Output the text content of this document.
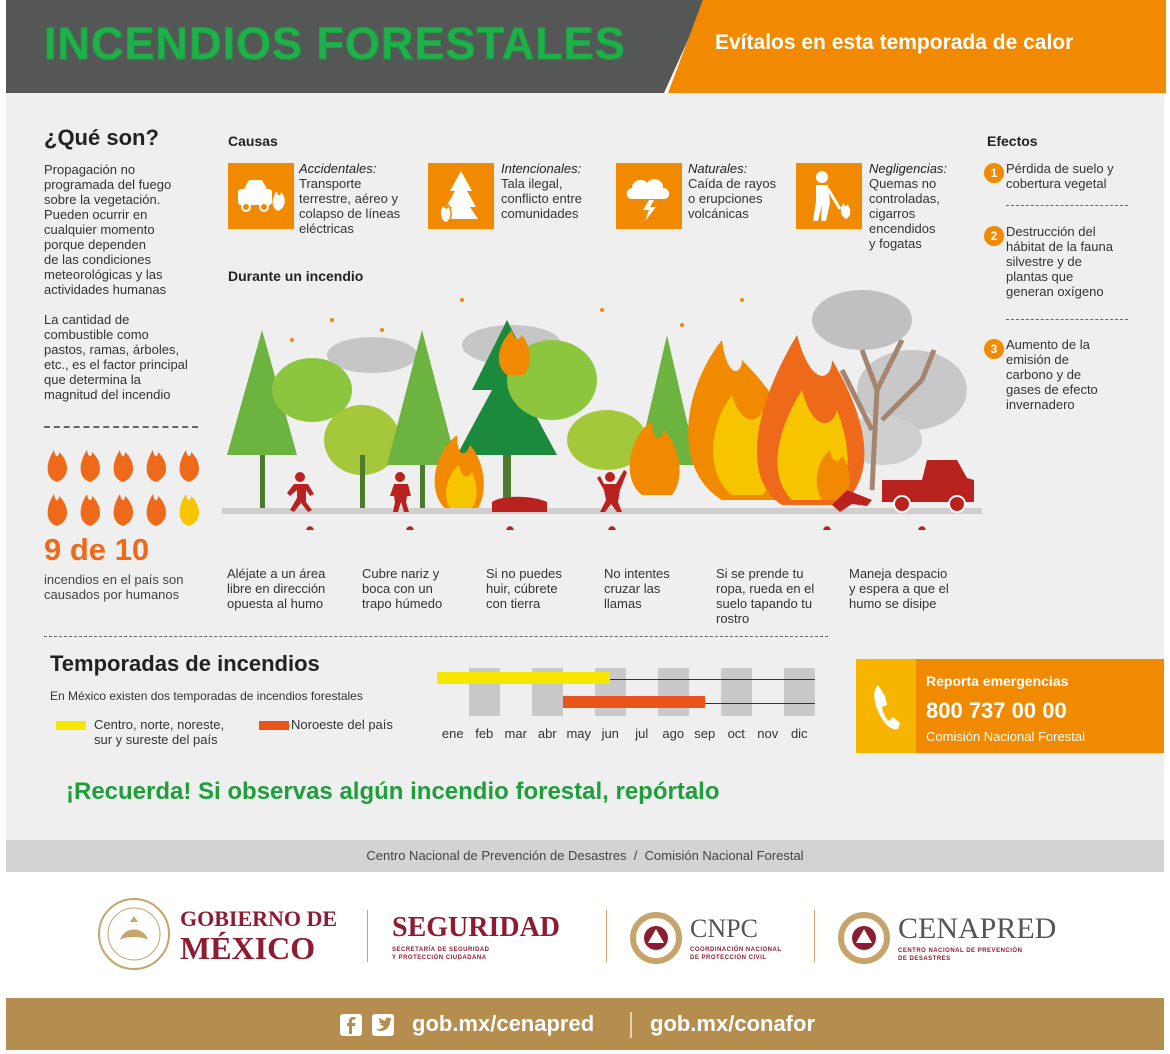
INCENDIOS FORESTALES	Evítalos en esta temporada de calor
¿Qué son?
Propagación no
programada del fuego
sobre la vegetación.
Pueden ocurrir en
cualquier momento
porque dependen
de las condiciones
meteorológicas y las
actividades humanas
La cantidad de
combustible como
pastos, ramas, árboles,
etc., es el factor principal
que determina la
magnitud del incendio
9 de 10
incendios en el país son
causados por humanos
Causas
Accidentales:
Transporte
terrestre, aéreo y
colapso de líneas
eléctricas
Intencionales:
Tala ilegal,
conflicto entre
comunidades
Naturales:
Caída de rayos
o erupciones
volcánicas
Negligencias:
Quemas no
controladas,
cigarros
encendidos
y fogatas
Efectos
1 Pérdida de suelo y
cobertura vegetal
2 Destrucción del
hábitat de la fauna
silvestre y de
plantas que
generan oxígeno
3 Aumento de la
emisión de
carbono y de
gases de efecto
invernadero
Durante un incendio
Aléjate a un área
libre en dirección
opuesta al humo
Cubre nariz y
boca con un
trapo húmedo
Si no puedes
huir, cúbrete
con tierra
No intentes
cruzar las
llamas
Si se prende tu
ropa, rueda en el
suelo tapando tu
rostro
Maneja despacio
y espera a que el
humo se disipe
Temporadas de incendios
En México existen dos temporadas de incendios forestales
Centro, norte, noreste,
sur y sureste del país
Noroeste del país
ene feb mar abr may jun	jul	ago sep oct nov dic
Reporta emergencias
800 737 00 00
Comisión Nacional Forestal
¡Recuerda! Si observas algún incendio forestal, repórtalo
Centro Nacional de Prevención de Desastres  /  Comisión Nacional Forestal
GOBIERNO DE
MÉXICO
SEGURIDAD
SECRETARÍA DE SEGURIDAD
Y PROTECCIÓN CIUDADANA
CNPC
COORDINACIÓN NACIONAL
DE PROTECCIÓN CIVIL
CENAPRED
CENTRO NACIONAL DE PREVENCIÓN
DE DESASTRES
gob.mx/cenapred	gob.mx/conafor
